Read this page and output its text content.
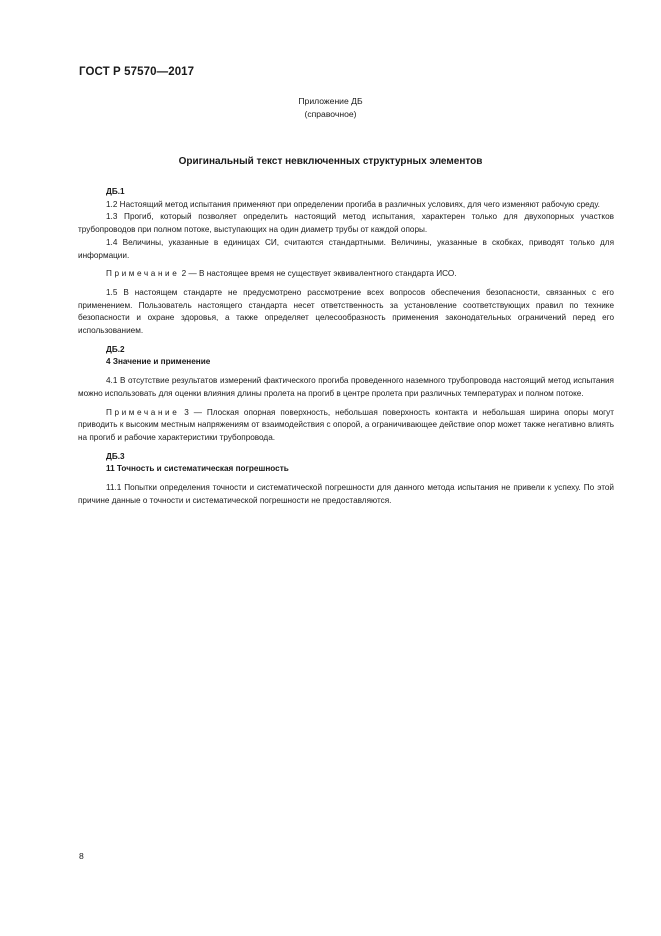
ГОСТ Р 57570—2017
Приложение ДБ
(справочное)
Оригинальный текст невключенных структурных элементов
ДБ.1

1.2 Настоящий метод испытания применяют при определении прогиба в различных условиях, для чего изменяют рабочую среду.

1.3 Прогиб, который позволяет определить настоящий метод испытания, характерен только для двухопорных участков трубопроводов при полном потоке, выступающих на один диаметр трубы от каждой опоры.

1.4 Величины, указанные в единицах СИ, считаются стандартными. Величины, указанные в скобках, приводят только для информации.

Примечание 2 — В настоящее время не существует эквивалентного стандарта ИСО.

1.5 В настоящем стандарте не предусмотрено рассмотрение всех вопросов обеспечения безопасности, связанных с его применением. Пользователь настоящего стандарта несет ответственность за установление соответствующих правил по технике безопасности и охране здоровья, а также определяет целесообразность применения законодательных ограничений перед его использованием.

ДБ.2
4 Значение и применение

4.1 В отсутствие результатов измерений фактического прогиба проведенного наземного трубопровода настоящий метод испытания можно использовать для оценки влияния длины пролета на прогиб в центре пролета при различных температурах и полном потоке.

Примечание 3 — Плоская опорная поверхность, небольшая поверхность контакта и небольшая ширина опоры могут приводить к высоким местным напряжениям от взаимодействия с опорой, а ограничивающее действие опор может также негативно влиять на прогиб и рабочие характеристики трубопровода.

ДБ.3
11 Точность и систематическая погрешность

11.1 Попытки определения точности и систематической погрешности для данного метода испытания не привели к успеху. По этой причине данные о точности и систематической погрешности не предоставляются.

8
